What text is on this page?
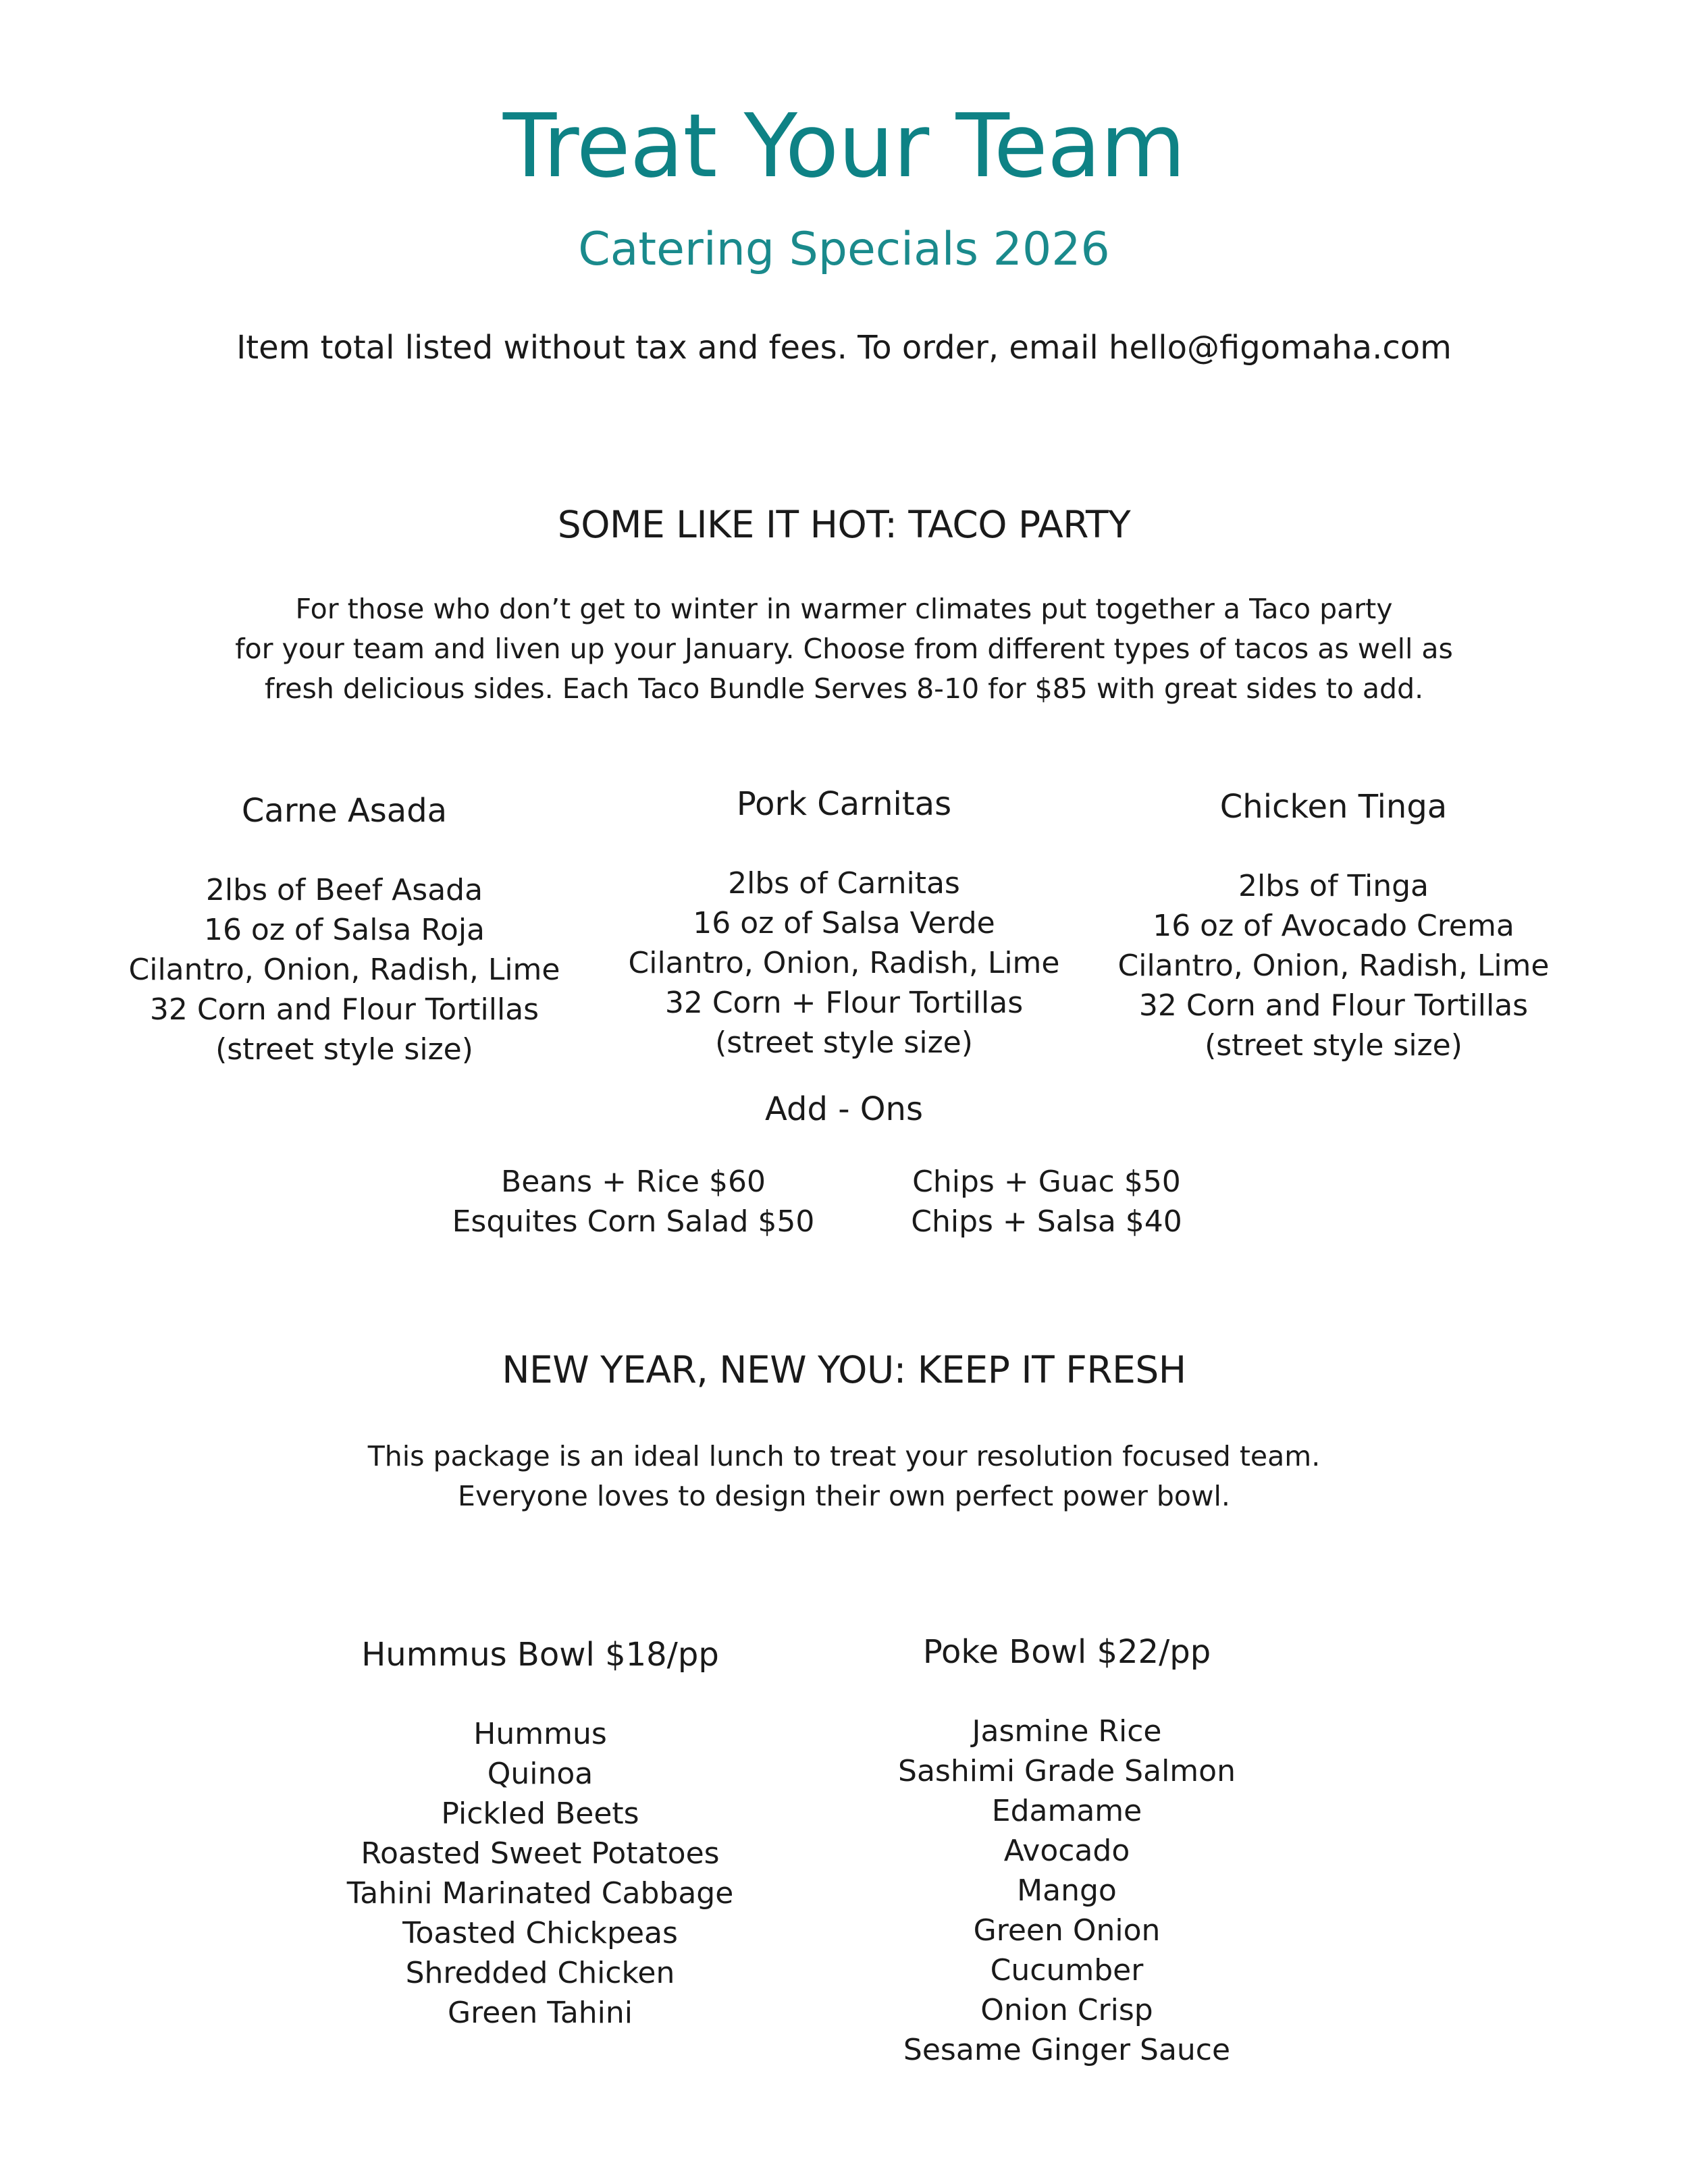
Treat Your Team
Catering Specials 2026
Item total listed without tax and fees. To order, email hello@figomaha.com
SOME LIKE IT HOT: TACO PARTY
For those who don’t get to winter in warmer climates put together a Taco party
for your team and liven up your January. Choose from different types of tacos as well as
fresh delicious sides. Each Taco Bundle Serves 8-10 for $85 with great sides to add.
Carne Asada
2lbs of Beef Asada
16 oz of Salsa Roja
Cilantro, Onion, Radish, Lime
32 Corn and Flour Tortillas
(street style size)
Pork Carnitas
2lbs of Carnitas
16 oz of Salsa Verde
Cilantro, Onion, Radish, Lime
32 Corn + Flour Tortillas
(street style size)
Chicken Tinga
2lbs of Tinga
16 oz of Avocado Crema
Cilantro, Onion, Radish, Lime
32 Corn and Flour Tortillas
(street style size)
Add - Ons
Beans + Rice $60
Esquites Corn Salad $50
Chips + Guac $50
Chips + Salsa $40
NEW YEAR, NEW YOU: KEEP IT FRESH
This package is an ideal lunch to treat your resolution focused team.
Everyone loves to design their own perfect power bowl.
Hummus Bowl $18/pp
Hummus
Quinoa
Pickled Beets
Roasted Sweet Potatoes
Tahini Marinated Cabbage
Toasted Chickpeas
Shredded Chicken
Green Tahini
Poke Bowl $22/pp
Jasmine Rice
Sashimi Grade Salmon
Edamame
Avocado
Mango
Green Onion
Cucumber
Onion Crisp
Sesame Ginger Sauce
